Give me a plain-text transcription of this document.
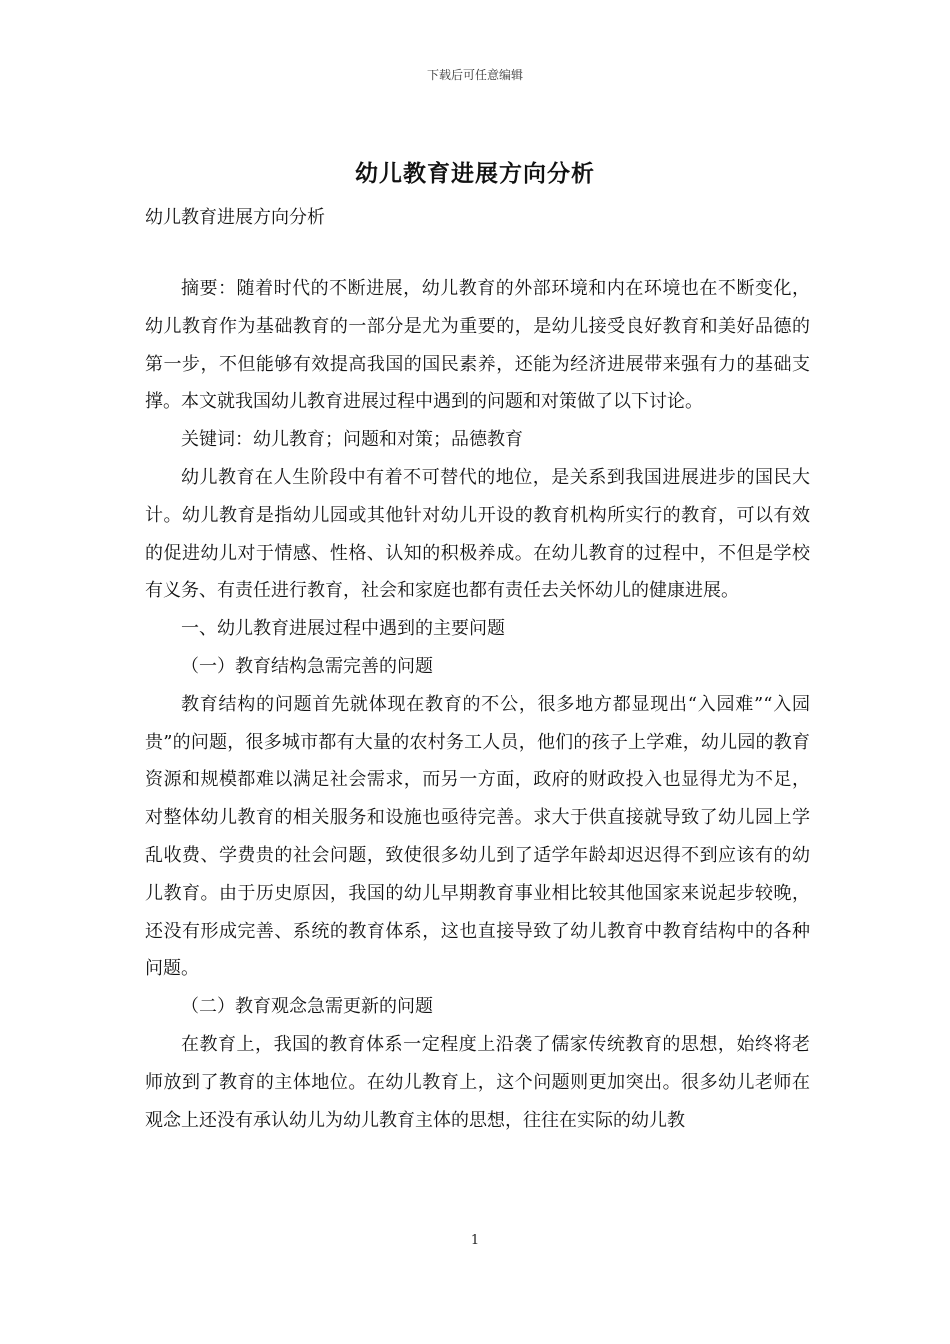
下载后可任意编辑
幼儿教育进展方向分析
幼儿教育进展方向分析

摘要：随着时代的不断进展，幼儿教育的外部环境和内在环境也在不断变化，幼儿教育作为基础教育的一部分是尤为重要的，是幼儿接受良好教育和美好品德的第一步，不但能够有效提高我国的国民素养，还能为经济进展带来强有力的基础支撑。本文就我国幼儿教育进展过程中遇到的问题和对策做了以下讨论。

关键词：幼儿教育；问题和对策；品德教育

幼儿教育在人生阶段中有着不可替代的地位，是关系到我国进展进步的国民大计。幼儿教育是指幼儿园或其他针对幼儿开设的教育机构所实行的教育，可以有效的促进幼儿对于情感、性格、认知的积极养成。在幼儿教育的过程中，不但是学校有义务、有责任进行教育，社会和家庭也都有责任去关怀幼儿的健康进展。

一、幼儿教育进展过程中遇到的主要问题

（一）教育结构急需完善的问题

教育结构的问题首先就体现在教育的不公，很多地方都显现出“入园难”“入园贵”的问题，很多城市都有大量的农村务工人员，他们的孩子上学难，幼儿园的教育资源和规模都难以满足社会需求，而另一方面，政府的财政投入也显得尤为不足，对整体幼儿教育的相关服务和设施也亟待完善。求大于供直接就导致了幼儿园上学乱收费、学费贵的社会问题，致使很多幼儿到了适学年龄却迟迟得不到应该有的幼儿教育。由于历史原因，我国的幼儿早期教育事业相比较其他国家来说起步较晚，还没有形成完善、系统的教育体系，这也直接导致了幼儿教育中教育结构中的各种问题。

（二）教育观念急需更新的问题

在教育上，我国的教育体系一定程度上沿袭了儒家传统教育的思想，始终将老师放到了教育的主体地位。在幼儿教育上，这个问题则更加突出。很多幼儿老师在观念上还没有承认幼儿为幼儿教育主体的思想，往往在实际的幼儿教

1
